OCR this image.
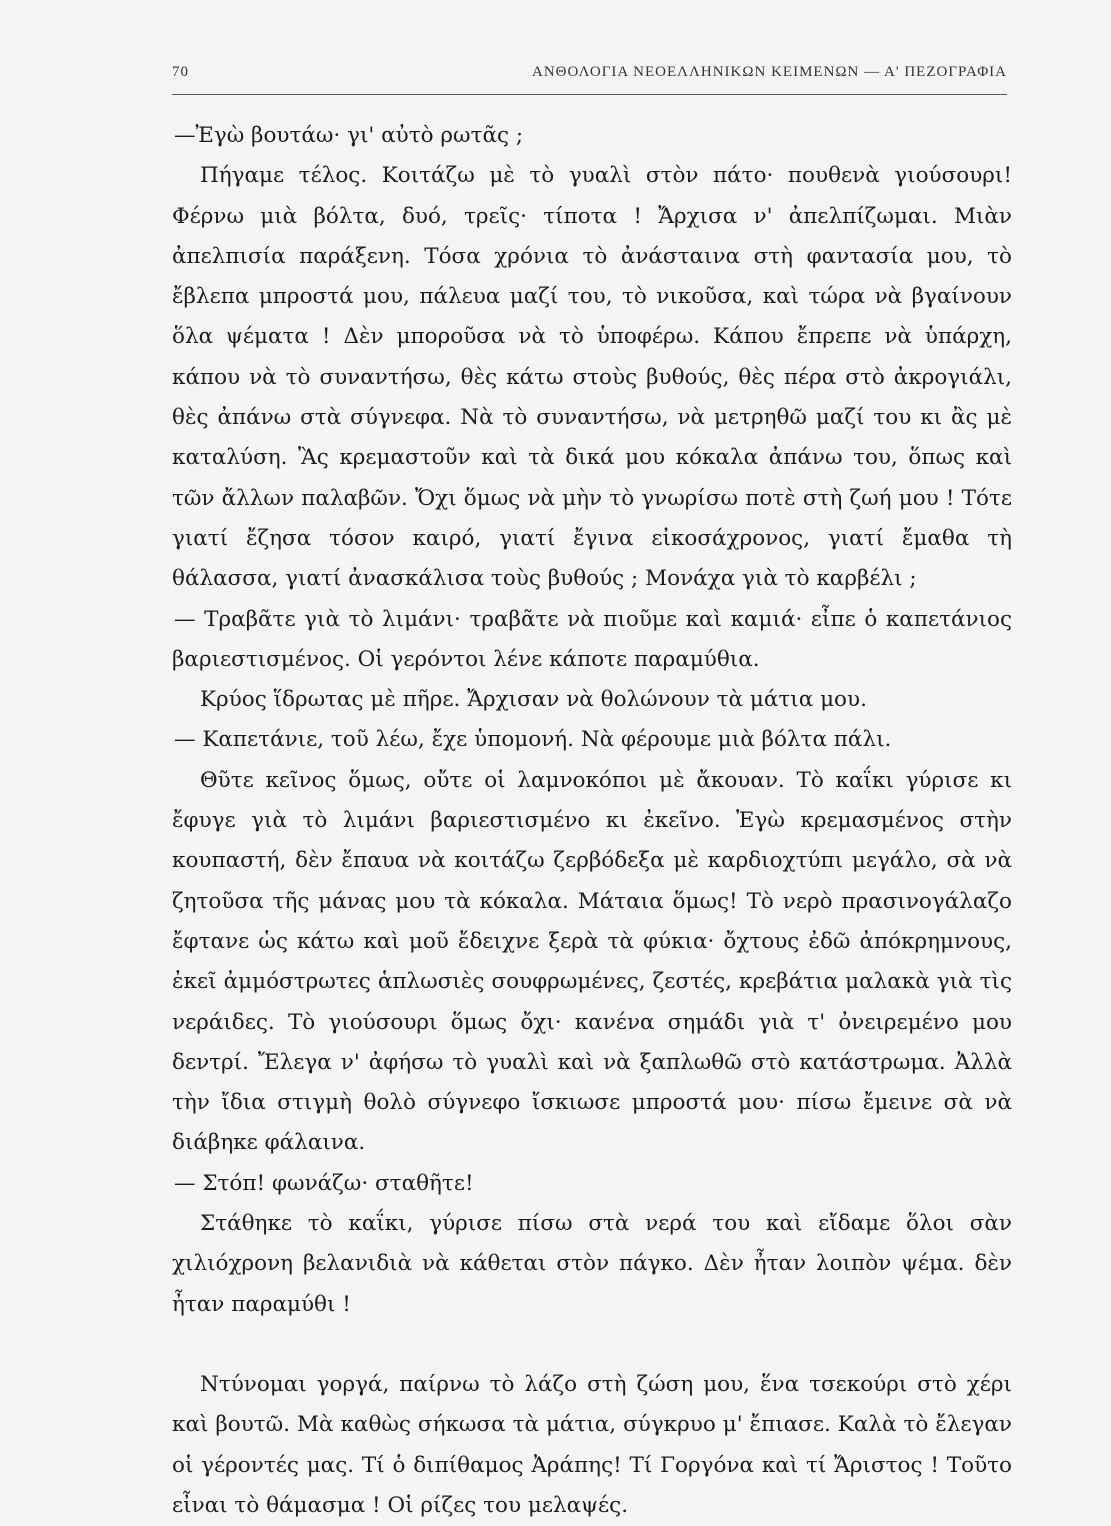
70	ΑΝΘΟΛΟΓΙΑ ΝΕΟΕΛΛΗΝΙΚΩΝ ΚΕΙΜΕΝΩΝ — Α' ΠΕΖΟΓΡΑΦΙΑ

—Ἐγὼ βουτάω· γι' αὐτὸ ρωτᾶς ;

Πήγαμε τέλος. Κοιτάζω μὲ τὸ γυαλὶ στὸν πάτο· πουθενὰ γιούσουρι! Φέρνω μιὰ βόλτα, δυό, τρεῖς· τίποτα ! Ἄρχισα ν' ἀπελπίζωμαι. Μιὰν ἀπελπισία παράξενη. Τόσα χρόνια τὸ ἀνάσταινα στὴ φαντασία μου, τὸ ἔβλεπα μπροστά μου, πάλευα μαζί του, τὸ νικοῦσα, καὶ τώρα νὰ βγαίνουν ὅλα ψέματα ! Δὲν μποροῦσα νὰ τὸ ὑποφέρω. Κάπου ἔπρεπε νὰ ὑπάρχη, κάπου νὰ τὸ συναντήσω, θὲς κάτω στοὺς βυθούς, θὲς πέρα στὸ ἀκρογιάλι, θὲς ἀπάνω στὰ σύγνεφα. Νὰ τὸ συναντήσω, νὰ μετρηθῶ μαζί του κι ἂς μὲ καταλύση. Ἂς κρεμαστοῦν καὶ τὰ δικά μου κόκαλα ἀπάνω του, ὅπως καὶ τῶν ἄλλων παλαβῶν. Ὄχι ὅμως νὰ μὴν τὸ γνωρίσω ποτὲ στὴ ζωή μου ! Τότε γιατί ἔζησα τόσον καιρό, γιατί ἔγινα εἰκοσάχρονος, γιατί ἔμαθα τὴ θάλασσα, γιατί ἀνασκάλισα τοὺς βυθούς ; Μονάχα γιὰ τὸ καρβέλι ;

— Τραβᾶτε γιὰ τὸ λιμάνι· τραβᾶτε νὰ πιοῦμε καὶ καμιά· εἶπε ὁ καπετάνιος βαριεστισμένος. Οἱ γερόντοι λένε κάποτε παραμύθια.

Κρύος ἵδρωτας μὲ πῆρε. Ἄρχισαν νὰ θολώνουν τὰ μάτια μου.

— Καπετάνιε, τοῦ λέω, ἔχε ὑπομονή. Νὰ φέρουμε μιὰ βόλτα πάλι.

Θῦτε κεῖνος ὅμως, οὔτε οἱ λαμνοκόποι μὲ ἄκουαν. Τὸ καΐκι γύρισε κι ἔφυγε γιὰ τὸ λιμάνι βαριεστισμένο κι ἐκεῖνο. Ἐγὼ κρεμασμένος στὴν κουπαστή, δὲν ἔπαυα νὰ κοιτάζω ζερβόδεξα μὲ καρδιοχτύπι μεγάλο, σὰ νὰ ζητοῦσα τῆς μάνας μου τὰ κόκαλα. Μάταια ὅμως! Τὸ νερὸ πρασινογάλαζο ἔφτανε ὡς κάτω καὶ μοῦ ἔδειχνε ξερὰ τὰ φύκια· ὄχτους ἐδῶ ἀπόκρημνους, ἐκεῖ ἀμμόστρωτες ἁπλωσιὲς σουφρωμένες, ζεστές, κρεβάτια μαλακὰ γιὰ τὶς νεράιδες. Τὸ γιούσουρι ὅμως ὄχι· κανένα σημάδι γιὰ τ' ὀνειρεμένο μου δεντρί. Ἔλεγα ν' ἀφήσω τὸ γυαλὶ καὶ νὰ ξαπλωθῶ στὸ κατάστρωμα. Ἀλλὰ τὴν ἴδια στιγμὴ θολὸ σύγνεφο ἴσκιωσε μπροστά μου· πίσω ἔμεινε σὰ νὰ διάβηκε φάλαινα.

— Στόπ! φωνάζω· σταθῆτε!

Στάθηκε τὸ καΐκι, γύρισε πίσω στὰ νερά του καὶ εἴδαμε ὅλοι σὰν χιλιόχρονη βελανιδιὰ νὰ κάθεται στὸν πάγκο. Δὲν ἦταν λοιπὸν ψέμα. δὲν ἦταν παραμύθι !

Ντύνομαι γοργά, παίρνω τὸ λάζο στὴ ζώση μου, ἕνα τσεκούρι στὸ χέρι καὶ βουτῶ. Μὰ καθὼς σήκωσα τὰ μάτια, σύγκρυο μ' ἔπιασε. Καλὰ τὸ ἔλεγαν οἱ γέροντές μας. Τί ὁ διπίθαμος Ἀράπης! Τί Γοργόνα καὶ τί Ἄριστος ! Τοῦτο εἶναι τὸ θάμασμα ! Οἱ ρίζες του μελαψές.
